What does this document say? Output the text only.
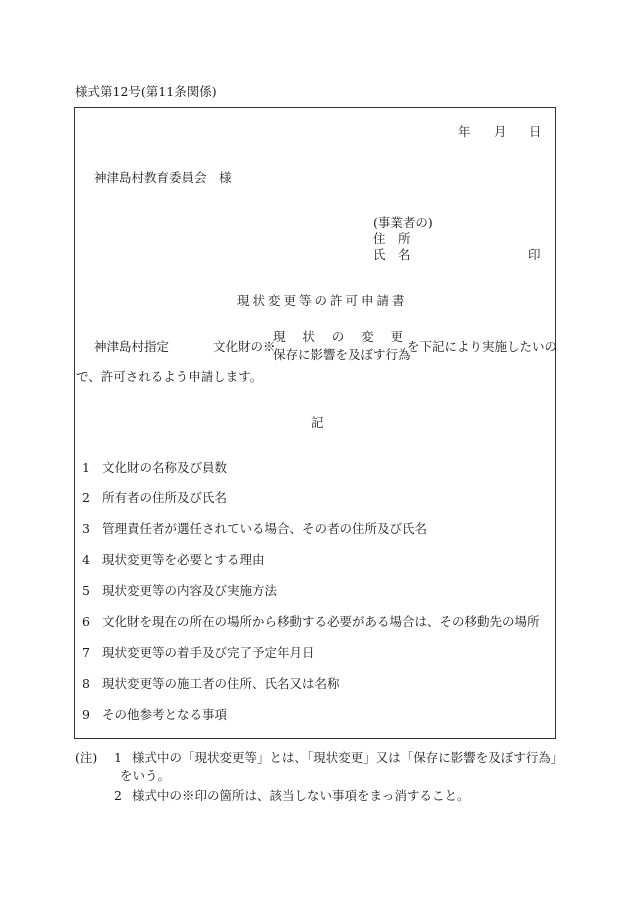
様式第12号(第11条関係)
年 月 日
神津島村教育委員会　様
(事業者の)
住　所
氏　名	印
現状変更等の許可申請書
神津島村指定	文化財の※
現 状 の 変 更
保存に影響を及ぼす行為
を下記により実施したいの
で、許可されるよう申請します。
記
1 文化財の名称及び員数
2 所有者の住所及び氏名
3 管理責任者が選任されている場合、その者の住所及び氏名
4 現状変更等を必要とする理由
5 現状変更等の内容及び実施方法
6 文化財を現在の所在の場所から移動する必要がある場合は、その移動先の場所
7 現状変更等の着手及び完了予定年月日
8 現状変更等の施工者の住所、氏名又は名称
9 その他参考となる事項
(注) 1 様式中の「現状変更等」とは、「現状変更」又は「保存に影響を及ぼす行為」
をいう。
2 様式中の※印の箇所は、該当しない事項をまっ消すること。
